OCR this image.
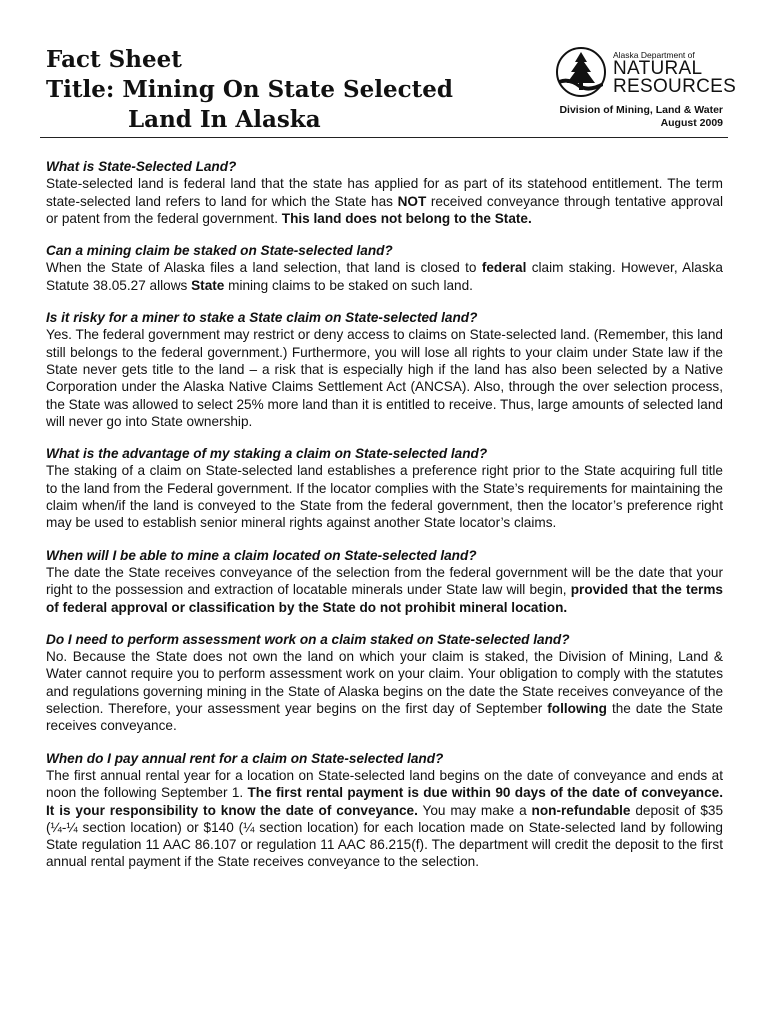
Fact Sheet
Title: Mining On State Selected
Land In Alaska
Alaska Department of
NATURAL
RESOURCES
Division of Mining, Land & Water
August 2009
What is State-Selected Land?
State-selected land is federal land that the state has applied for as part of its statehood entitlement. The term state-selected land refers to land for which the State has NOT received conveyance through tentative approval or patent from the federal government. This land does not belong to the State.
Can a mining claim be staked on State-selected land?
When the State of Alaska files a land selection, that land is closed to federal claim staking. However, Alaska Statute 38.05.27 allows State mining claims to be staked on such land.
Is it risky for a miner to stake a State claim on State-selected land?
Yes. The federal government may restrict or deny access to claims on State-selected land. (Remember, this land still belongs to the federal government.) Furthermore, you will lose all rights to your claim under State law if the State never gets title to the land – a risk that is especially high if the land has also been selected by a Native Corporation under the Alaska Native Claims Settlement Act (ANCSA). Also, through the over selection process, the State was allowed to select 25% more land than it is entitled to receive. Thus, large amounts of selected land will never go into State ownership.
What is the advantage of my staking a claim on State-selected land?
The staking of a claim on State-selected land establishes a preference right prior to the State acquiring full title to the land from the Federal government. If the locator complies with the State’s requirements for maintaining the claim when/if the land is conveyed to the State from the federal government, then the locator’s preference right may be used to establish senior mineral rights against another State locator’s claims.
When will I be able to mine a claim located on State-selected land?
The date the State receives conveyance of the selection from the federal government will be the date that your right to the possession and extraction of locatable minerals under State law will begin, provided that the terms of federal approval or classification by the State do not prohibit mineral location.
Do I need to perform assessment work on a claim staked on State-selected land?
No. Because the State does not own the land on which your claim is staked, the Division of Mining, Land & Water cannot require you to perform assessment work on your claim. Your obligation to comply with the statutes and regulations governing mining in the State of Alaska begins on the date the State receives conveyance of the selection. Therefore, your assessment year begins on the first day of September following the date the State receives conveyance.
When do I pay annual rent for a claim on State-selected land?
The first annual rental year for a location on State-selected land begins on the date of conveyance and ends at noon the following September 1. The first rental payment is due within 90 days of the date of conveyance. It is your responsibility to know the date of conveyance. You may make a non-refundable deposit of $35 (¼-¼ section location) or $140 (¼ section location) for each location made on State-selected land by following State regulation 11 AAC 86.107 or regulation 11 AAC 86.215(f). The department will credit the deposit to the first annual rental payment if the State receives conveyance to the selection.
